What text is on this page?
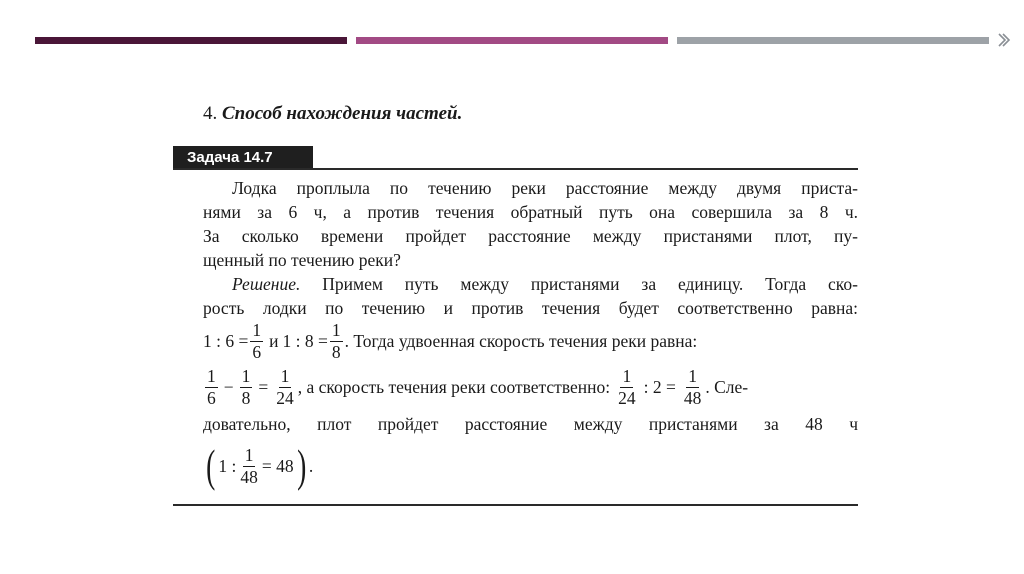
4. Способ нахождения частей.
Задача 14.7
Лодка проплыла по течению реки расстояние между двумя приста-
нями за 6 ч, а против течения обратный путь она совершила за 8 ч.
За сколько времени пройдет расстояние между пристанями плот, пу-
щенный по течению реки?
Решение. Примем путь между пристанями за единицу. Тогда ско-
рость лодки по течению и против течения будет соответственно равна:
1 : $6 = \frac{1}{6}$ и 1 : $8 = \frac{1}{8}$ . Тогда удвоенная скорость течения реки равна:
$\frac{1}{6} - \frac{1}{8} = \frac{1}{24}$ , а скорость течения реки соответственно: $\frac{1}{24}$ : $2 = \frac{1}{48}$ . Сле-
довательно, плот пройдет расстояние между пристанями за 48 ч
( 1 : $\frac{1}{48} = 48$ ) .
